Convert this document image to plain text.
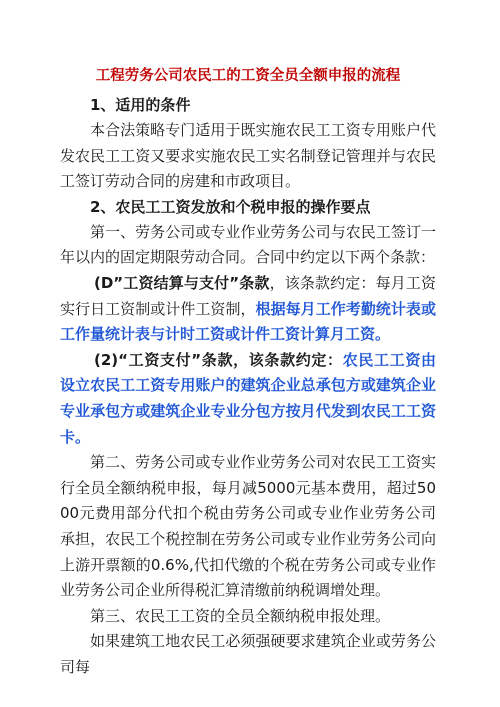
工程劳务公司农民工的工资全员全额申报的流程

1、适用的条件

本合法策略专门适用于既实施农民工工资专用账户代发农民工工资又要求实施农民工实名制登记管理并与农民工签订劳动合同的房建和市政项目。

2、农民工工资发放和个税申报的操作要点

第一、劳务公司或专业作业劳务公司与农民工签订一年以内的固定期限劳动合同。合同中约定以下两个条款：

(D”工资结算与支付”条款，该条款约定：每月工资实行日工资制或计件工资制，根据每月工作考勤统计表或工作量统计表与计时工资或计件工资计算月工资。

(2)“工资支付”条款，该条款约定：农民工工资由设立农民工工资专用账户的建筑企业总承包方或建筑企业专业承包方或建筑企业专业分包方按月代发到农民工工资卡。

第二、劳务公司或专业作业劳务公司对农民工工资实行全员全额纳税申报，每月减5000元基本费用，超过5000元费用部分代扣个税由劳务公司或专业作业劳务公司承担，农民工个税控制在劳务公司或专业作业劳务公司向上游开票额的0.6%,代扣代缴的个税在劳务公司或专业作业劳务公司企业所得税汇算清缴前纳税调增处理。

第三、农民工工资的全员全额纳税申报处理。

如果建筑工地农民工必须强硬要求建筑企业或劳务公司每
